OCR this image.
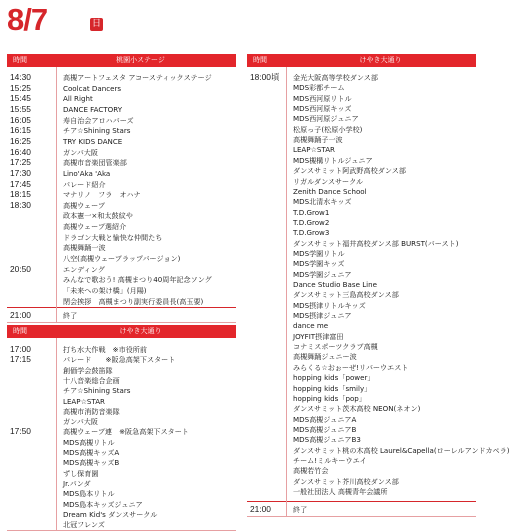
8/7	日
時間	桃園小ステージ
14:30	高槻アートフェスタ アコースティックステージ
15:25	Coolcat Dancers
15:45	All Right
15:55	DANCE FACTORY
16:05	寿自治会アロハバーズ
16:15	チア☆Shining Stars
16:25	TRY KIDS DANCE
16:40	ガンバ大阪
17:25	高槻市音楽団管楽部
17:30	Lino'Aka 'Aka
17:45	パレード紹介
18:15	マナリノ　フラ　オハナ
18:30	高槻ウェーブ
政本憲一×和太鼓紋や
高槻ウェーブ選紹介
ドラゴン大戦と愉快な仲間たち
高槻舞踊一波
八空(高槻ウェーブラップバージョン)
20:50	エンディング
みんなで歌おう! 高槻まつり40周年記念ソング
「未来への架け橋」(月陽)
閉会挨拶　高槻まつり副実行委員長(高玉要)
21:00	終了
時間	けやき大通り
17:00	打ち水大作戦　※市役所前
17:15	パレード　　※阪急高架下スタート
創価学会鼓笛隊
十八音楽総合企画
チア☆Shining Stars
LEAP☆STAR
高槻市消防音楽隊
ガンバ大阪
17:50	高槻ウェーブ連　※阪急高架下スタート
MDS高槻リトル
MDS高槻キッズA
MDS高槻キッズB
ずし保育園
Jr.パンダ
MDS島本リトル
MDS島本キッズジュニア
Dream Kid's ダンスサークル
北冠フレンズ
時間	けやき大通り
18:00頃 金光大阪高等学校ダンス部
MDS彩都チーム
MDS西河原リトル
MDS西河原キッズ
MDS西河原ジュニア
松原っ子(松原小学校)
高槻舞踊子一波
LEAP☆STAR
MDS槻構リトルジュニア
ダンスサミット阿武野高校ダンス部
リガルダンスサークル
Zenith Dance School
MDS北清水キッズ
T.D.Grow1
T.D.Grow2
T.D.Grow3
ダンスサミット福井高校ダンス部 BURST(バースト)
MDS学園リトル
MDS学園キッズ
MDS学園ジュニア
Dance Studio Base Line
ダンスサミット三島高校ダンス部
MDS摂津リトルキッズ
MDS摂津ジュニア
dance me
JOYFIT摂津富田
コナミスポーツクラブ高槻
高槻舞踊ジュニー波
みらくる☆おぉーぜ!リバーウエスト
hopping kids「power」
hopping kids「smily」
hopping kids「pop」
ダンスサミット茨木高校 NEON(ネオン)
MDS高槻ジュニアA
MDS高槻ジュニアB
MDS高槻ジュニアB3
ダンスサミット桃の木高校 Laurel&Capella(ローレルアンドカペラ)
チーム!ミルキーウエイ
高槻若竹会
ダンスサミット芥川高校ダンス部
一般社団法人 高槻青年会議所
21:00	終了
